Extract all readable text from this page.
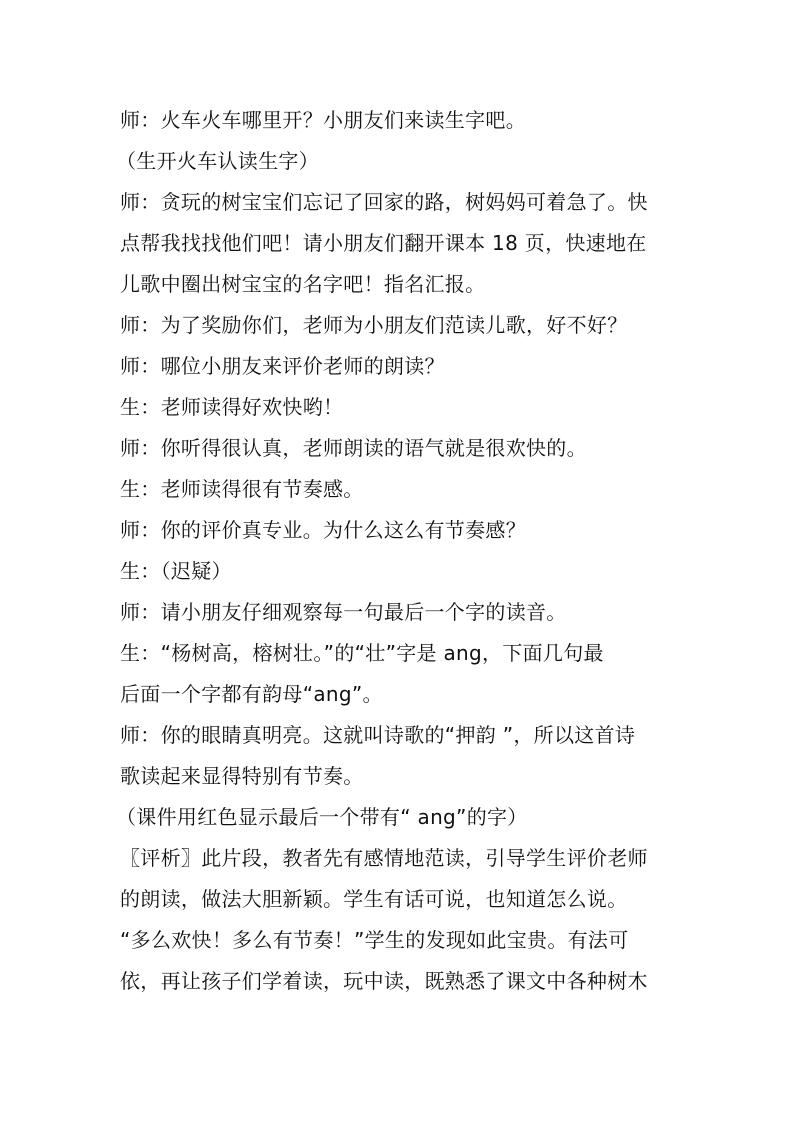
师：火车火车哪里开？小朋友们来读生字吧。
（生开火车认读生字）
师：贪玩的树宝宝们忘记了回家的路，树妈妈可着急了。快
点帮我找找他们吧！请小朋友们翻开课本 18 页，快速地在
儿歌中圈出树宝宝的名字吧！指名汇报。
师：为了奖励你们，老师为小朋友们范读儿歌，好不好？
师：哪位小朋友来评价老师的朗读？
生：老师读得好欢快哟！
师：你听得很认真，老师朗读的语气就是很欢快的。
生：老师读得很有节奏感。
师：你的评价真专业。为什么这么有节奏感？
生：（迟疑）
师：请小朋友仔细观察每一句最后一个字的读音。
生：“杨树高，榕树壮。”的“壮”字是 ang，下面几句最
后面一个字都有韵母“ang”。
师：你的眼睛真明亮。这就叫诗歌的“押韵 ”，所以这首诗
歌读起来显得特别有节奏。
（课件用红色显示最后一个带有“ ang”的字）
〖评析〗此片段，教者先有感情地范读，引导学生评价老师
的朗读，做法大胆新颖。学生有话可说，也知道怎么说。
“多么欢快！多么有节奏！”学生的发现如此宝贵。有法可
依，再让孩子们学着读，玩中读，既熟悉了课文中各种树木
